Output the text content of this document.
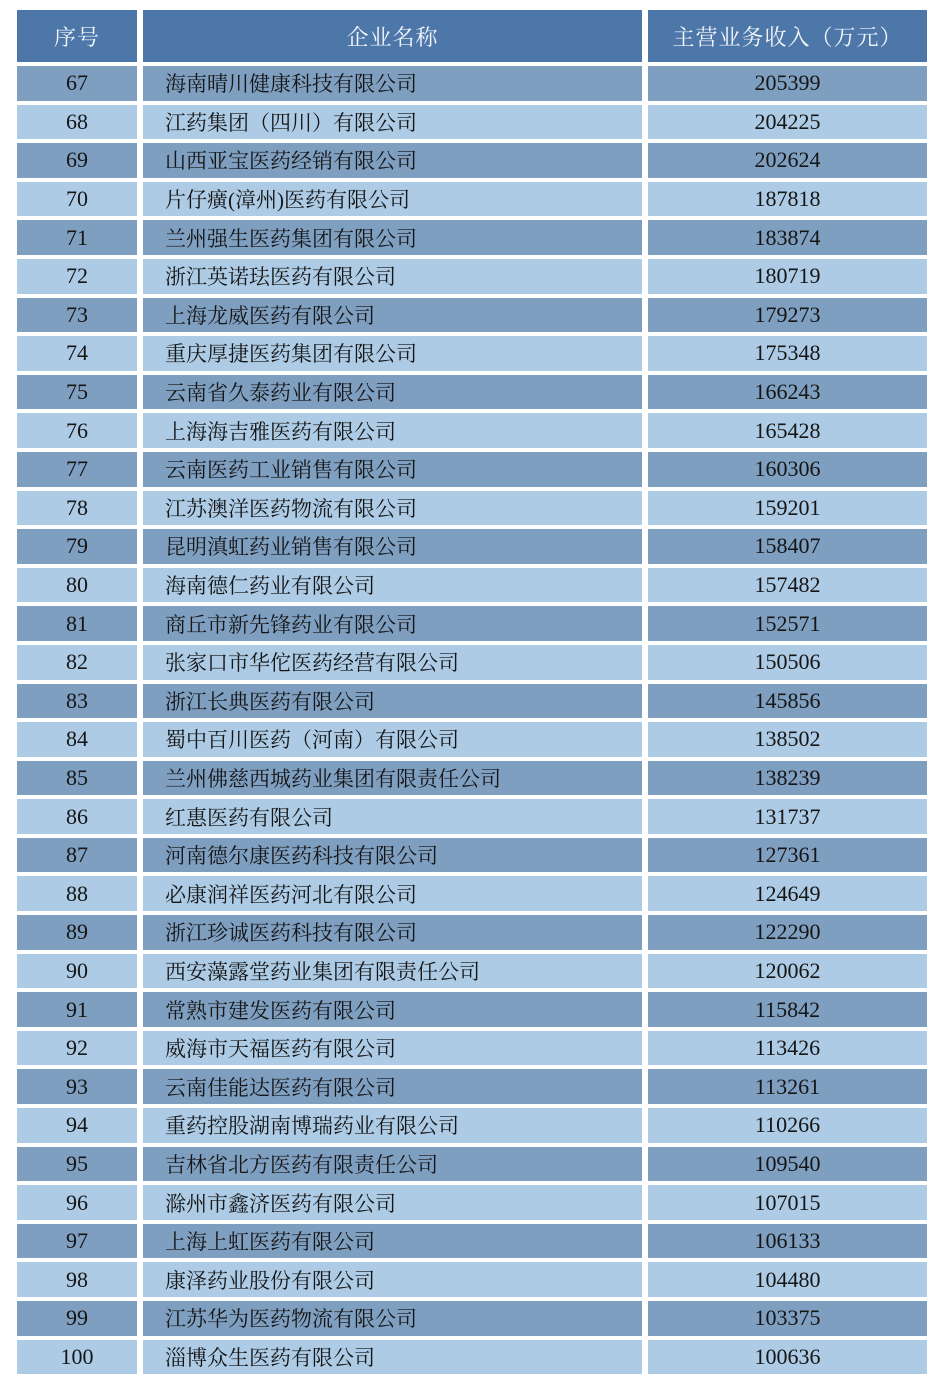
序号	企业名称	主营业务收入（万元）
67	海南晴川健康科技有限公司	205399
68	江药集团（四川）有限公司	204225
69	山西亚宝医药经销有限公司	202624
70	片仔癀(漳州)医药有限公司	187818
71	兰州强生医药集团有限公司	183874
72	浙江英诺珐医药有限公司	180719
73	上海龙威医药有限公司	179273
74	重庆厚捷医药集团有限公司	175348
75	云南省久泰药业有限公司	166243
76	上海海吉雅医药有限公司	165428
77	云南医药工业销售有限公司	160306
78	江苏澳洋医药物流有限公司	159201
79	昆明滇虹药业销售有限公司	158407
80	海南德仁药业有限公司	157482
81	商丘市新先锋药业有限公司	152571
82	张家口市华佗医药经营有限公司	150506
83	浙江长典医药有限公司	145856
84	蜀中百川医药（河南）有限公司	138502
85	兰州佛慈西城药业集团有限责任公司	138239
86	红惠医药有限公司	131737
87	河南德尔康医药科技有限公司	127361
88	必康润祥医药河北有限公司	124649
89	浙江珍诚医药科技有限公司	122290
90	西安藻露堂药业集团有限责任公司	120062
91	常熟市建发医药有限公司	115842
92	威海市天福医药有限公司	113426
93	云南佳能达医药有限公司	113261
94	重药控股湖南博瑞药业有限公司	110266
95	吉林省北方医药有限责任公司	109540
96	滁州市鑫济医药有限公司	107015
97	上海上虹医药有限公司	106133
98	康泽药业股份有限公司	104480
99	江苏华为医药物流有限公司	103375
100	淄博众生医药有限公司	100636
